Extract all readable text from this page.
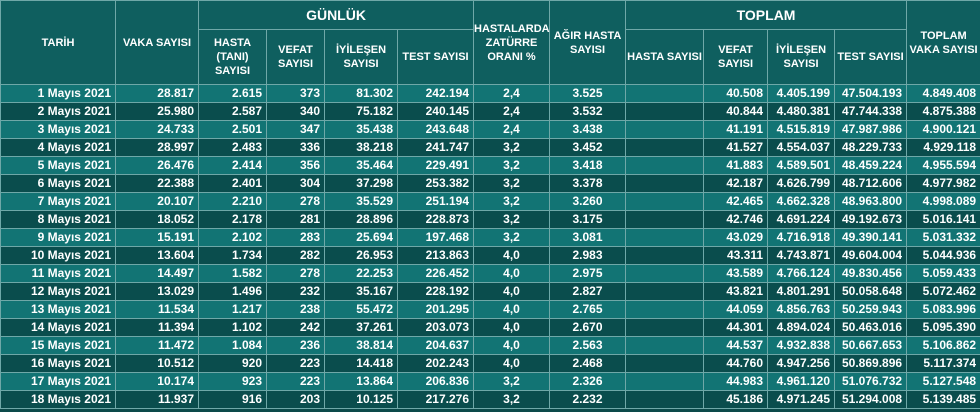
TARİH	VAKA SAYISI	GÜNLÜK				HASTALARDA ZATÜRRE ORANI %	AĞIR HASTA SAYISI	TOPLAM				TOPLAM VAKA SAYISI
		HASTA (TANI) SAYISI	VEFAT SAYISI	İYİLEŞEN SAYISI	TEST SAYISI			HASTA SAYISI	VEFAT SAYISI	İYİLEŞEN SAYISI	TEST SAYISI	
1 Mayıs 2021	28.817	2.615	373	81.302	242.194	2,4	3.525		40.508	4.405.199	47.504.193	4.849.408
2 Mayıs 2021	25.980	2.587	340	75.182	240.145	2,4	3.532		40.844	4.480.381	47.744.338	4.875.388
3 Mayıs 2021	24.733	2.501	347	35.438	243.648	2,4	3.438		41.191	4.515.819	47.987.986	4.900.121
4 Mayıs 2021	28.997	2.483	336	38.218	241.747	3,2	3.452		41.527	4.554.037	48.229.733	4.929.118
5 Mayıs 2021	26.476	2.414	356	35.464	229.491	3,2	3.418		41.883	4.589.501	48.459.224	4.955.594
6 Mayıs 2021	22.388	2.401	304	37.298	253.382	3,2	3.378		42.187	4.626.799	48.712.606	4.977.982
7 Mayıs 2021	20.107	2.210	278	35.529	251.194	3,2	3.260		42.465	4.662.328	48.963.800	4.998.089
8 Mayıs 2021	18.052	2.178	281	28.896	228.873	3,2	3.175		42.746	4.691.224	49.192.673	5.016.141
9 Mayıs 2021	15.191	2.102	283	25.694	197.468	3,2	3.081		43.029	4.716.918	49.390.141	5.031.332
10 Mayıs 2021	13.604	1.734	282	26.953	213.863	4,0	2.983		43.311	4.743.871	49.604.004	5.044.936
11 Mayıs 2021	14.497	1.582	278	22.253	226.452	4,0	2.975		43.589	4.766.124	49.830.456	5.059.433
12 Mayıs 2021	13.029	1.496	232	35.167	228.192	4,0	2.827		43.821	4.801.291	50.058.648	5.072.462
13 Mayıs 2021	11.534	1.217	238	55.472	201.295	4,0	2.765		44.059	4.856.763	50.259.943	5.083.996
14 Mayıs 2021	11.394	1.102	242	37.261	203.073	4,0	2.670		44.301	4.894.024	50.463.016	5.095.390
15 Mayıs 2021	11.472	1.084	236	38.814	204.637	4,0	2.563		44.537	4.932.838	50.667.653	5.106.862
16 Mayıs 2021	10.512	920	223	14.418	202.243	4,0	2.468		44.760	4.947.256	50.869.896	5.117.374
17 Mayıs 2021	10.174	923	223	13.864	206.836	3,2	2.326		44.983	4.961.120	51.076.732	5.127.548
18 Mayıs 2021	11.937	916	203	10.125	217.276	3,2	2.232		45.186	4.971.245	51.294.008	5.139.485
